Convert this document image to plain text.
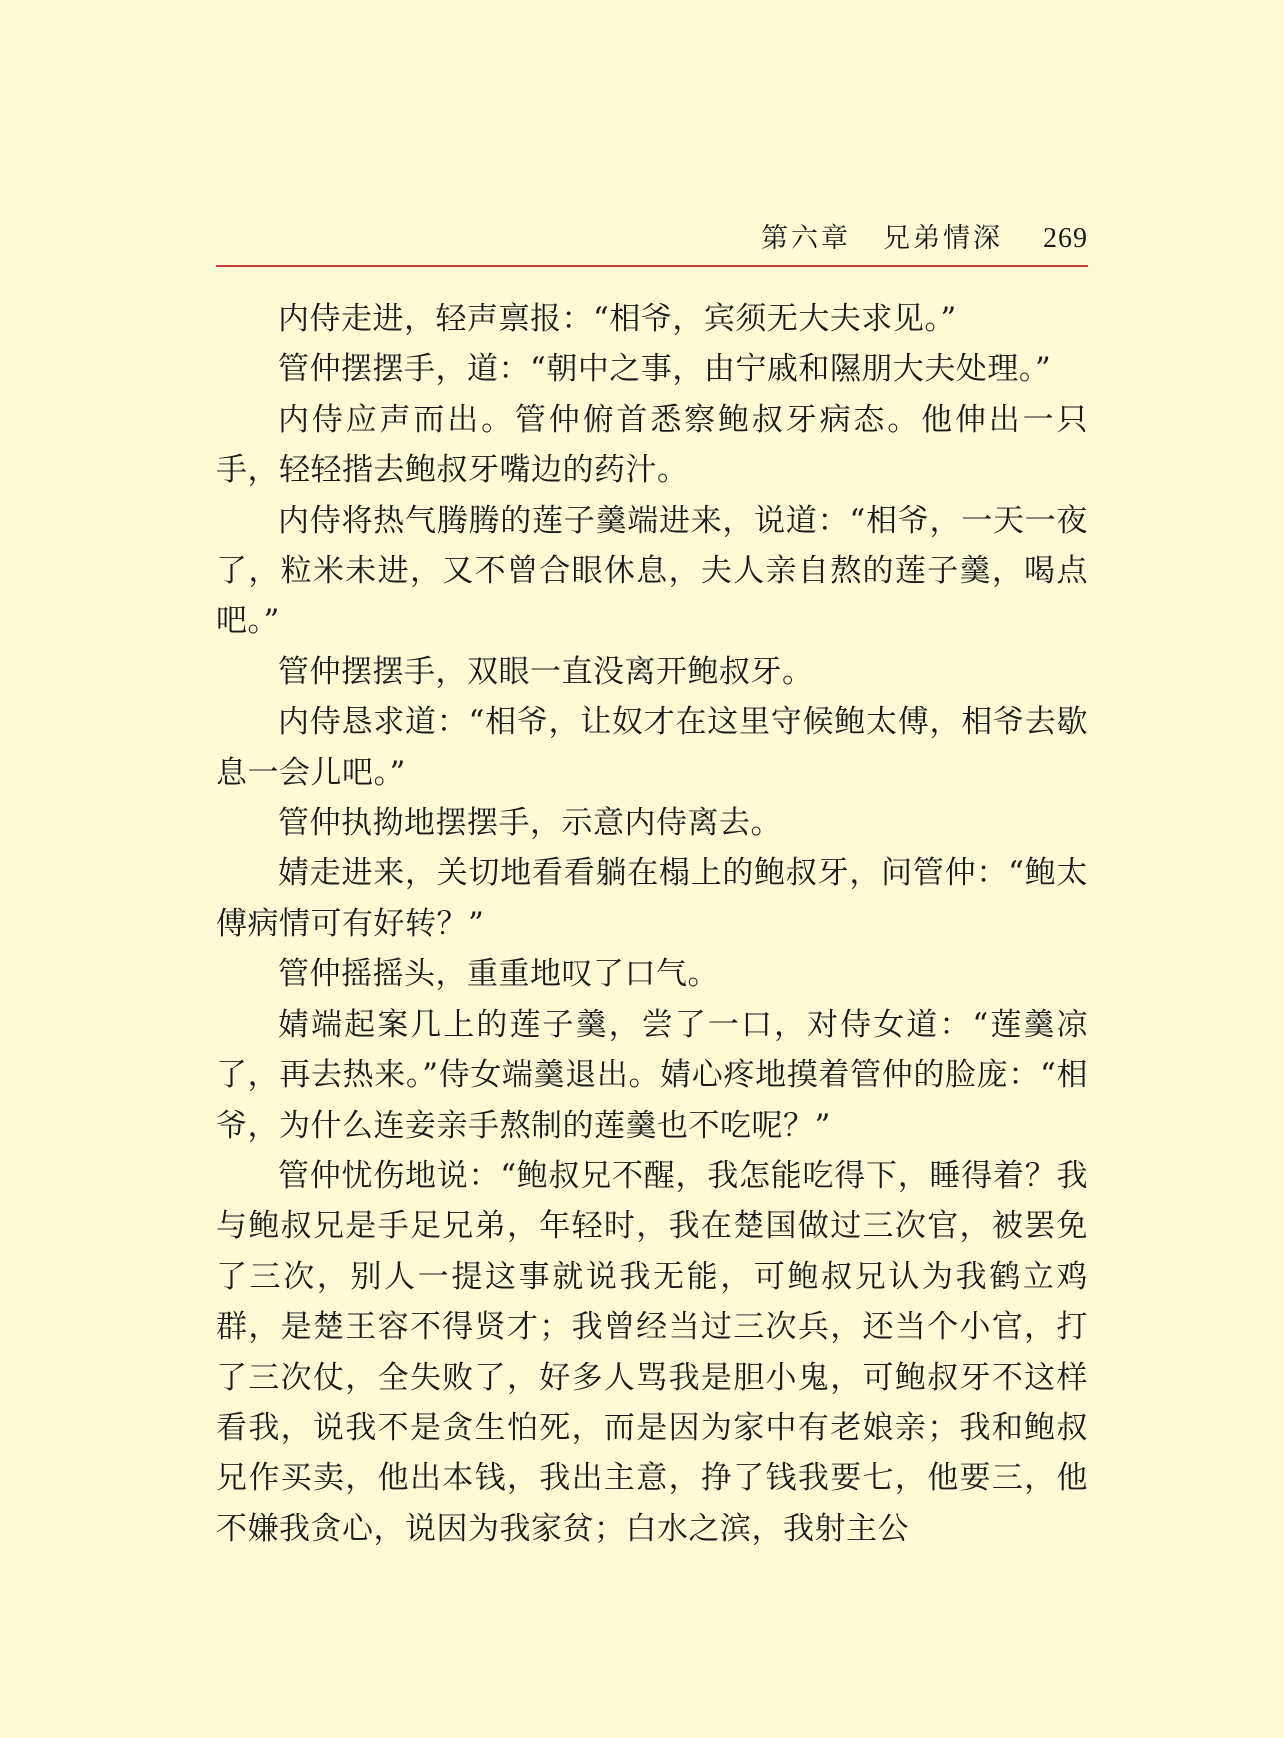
第六章 兄弟情深 269

内侍走进，轻声禀报：“相爷，宾须无大夫求见。”

管仲摆摆手，道：“朝中之事，由宁戚和隰朋大夫处理。”

内侍应声而出。管仲俯首悉察鲍叔牙病态。他伸出一只手，轻轻揩去鲍叔牙嘴边的药汁。

内侍将热气腾腾的莲子羹端进来，说道：“相爷，一天一夜了，粒米未进，又不曾合眼休息，夫人亲自熬的莲子羹，喝点吧。”

管仲摆摆手，双眼一直没离开鲍叔牙。

内侍恳求道：“相爷，让奴才在这里守候鲍太傅，相爷去歇息一会儿吧。”

管仲执拗地摆摆手，示意内侍离去。

婧走进来，关切地看看躺在榻上的鲍叔牙，问管仲：“鲍太傅病情可有好转？”

管仲摇摇头，重重地叹了口气。

婧端起案几上的莲子羹，尝了一口，对侍女道：“莲羹凉了，再去热来。”侍女端羹退出。婧心疼地摸着管仲的脸庞：“相爷，为什么连妾亲手熬制的莲羹也不吃呢？”

管仲忧伤地说：“鲍叔兄不醒，我怎能吃得下，睡得着？我与鲍叔兄是手足兄弟，年轻时，我在楚国做过三次官，被罢免了三次，别人一提这事就说我无能，可鲍叔兄认为我鹤立鸡群，是楚王容不得贤才；我曾经当过三次兵，还当个小官，打了三次仗，全失败了，好多人骂我是胆小鬼，可鲍叔牙不这样看我，说我不是贪生怕死，而是因为家中有老娘亲；我和鲍叔兄作买卖，他出本钱，我出主意，挣了钱我要七，他要三，他不嫌我贪心，说因为我家贫；白水之滨，我射主公
